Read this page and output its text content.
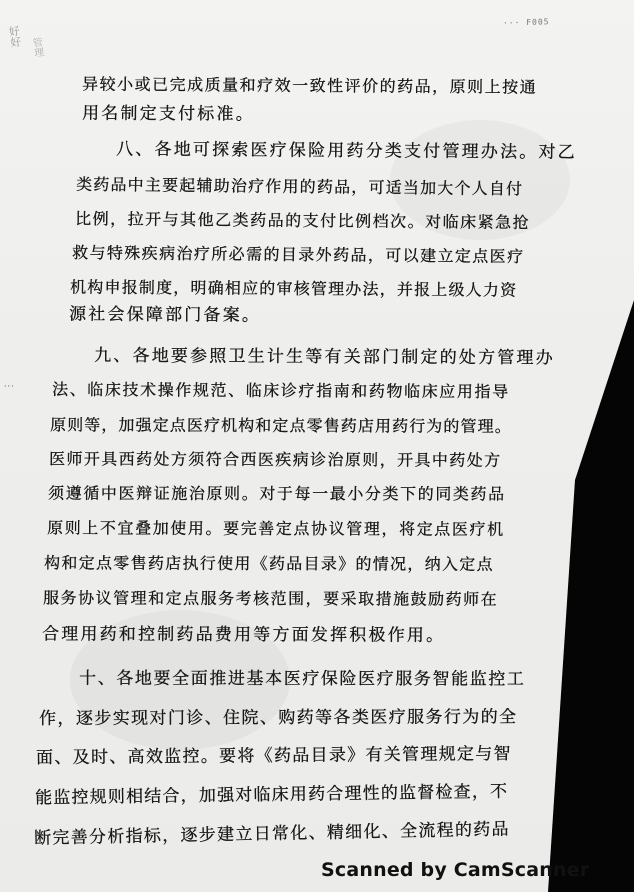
好好 管理
··· F005
···
异较小或已完成质量和疗效一致性评价的药品，原则上按通
用名制定支付标准。
八、各地可探索医疗保险用药分类支付管理办法。对乙
类药品中主要起辅助治疗作用的药品，可适当加大个人自付
比例，拉开与其他乙类药品的支付比例档次。对临床紧急抢
救与特殊疾病治疗所必需的目录外药品，可以建立定点医疗
机构申报制度，明确相应的审核管理办法，并报上级人力资
源社会保障部门备案。
九、各地要参照卫生计生等有关部门制定的处方管理办
法、临床技术操作规范、临床诊疗指南和药物临床应用指导
原则等，加强定点医疗机构和定点零售药店用药行为的管理。
医师开具西药处方须符合西医疾病诊治原则，开具中药处方
须遵循中医辩证施治原则。对于每一最小分类下的同类药品
原则上不宜叠加使用。要完善定点协议管理，将定点医疗机
构和定点零售药店执行使用《药品目录》的情况，纳入定点
服务协议管理和定点服务考核范围，要采取措施鼓励药师在
合理用药和控制药品费用等方面发挥积极作用。
十、各地要全面推进基本医疗保险医疗服务智能监控工
作，逐步实现对门诊、住院、购药等各类医疗服务行为的全
面、及时、高效监控。要将《药品目录》有关管理规定与智
能监控规则相结合，加强对临床用药合理性的监督检查，不
断完善分析指标，逐步建立日常化、精细化、全流程的药品
Scanned by CamScanner
